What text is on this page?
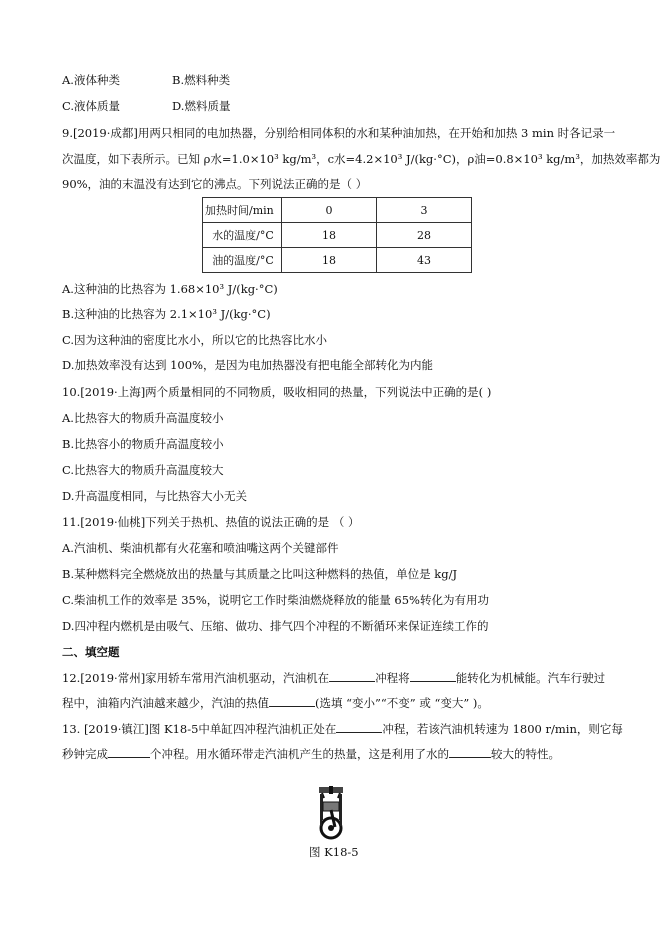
A.液体种类	B.燃料种类
C.液体质量	D.燃料质量
9.[2019·成都]用两只相同的电加热器，分别给相同体积的水和某种油加热，在开始和加热 3 min 时各记录一
次温度，如下表所示。已知 ρ水=1.0×10³ kg/m³，c水=4.2×10³ J/(kg·°C)，ρ油=0.8×10³ kg/m³，加热效率都为
90%，油的末温没有达到它的沸点。下列说法正确的是（ ）
加热时间/min	0	3
水的温度/°C	18	28
油的温度/°C	18	43
A.这种油的比热容为 1.68×10³ J/(kg·°C)
B.这种油的比热容为 2.1×10³ J/(kg·°C)
C.因为这种油的密度比水小，所以它的比热容比水小
D.加热效率没有达到 100%，是因为电加热器没有把电能全部转化为内能
10.[2019·上海]两个质量相同的不同物质，吸收相同的热量，下列说法中正确的是( )
A.比热容大的物质升高温度较小
B.比热容小的物质升高温度较小
C.比热容大的物质升高温度较大
D.升高温度相同，与比热容大小无关
11.[2019·仙桃]下列关于热机、热值的说法正确的是 （ ）
A.汽油机、柴油机都有火花塞和喷油嘴这两个关键部件
B.某种燃料完全燃烧放出的热量与其质量之比叫这种燃料的热值，单位是 kg/J
C.柴油机工作的效率是 35%，说明它工作时柴油燃烧释放的能量 65%转化为有用功
D.四冲程内燃机是由吸气、压缩、做功、排气四个冲程的不断循环来保证连续工作的
二、填空题
12.[2019·常州]家用轿车常用汽油机驱动，汽油机在	冲程将	能转化为机械能。汽车行驶过
程中，油箱内汽油越来越少，汽油的热值	(选填 “变小”“不变” 或 “变大” )。
13. [2019·镇江]图 K18-5中单缸四冲程汽油机正处在	冲程，若该汽油机转速为 1800 r/min，则它每
秒钟完成	个冲程。用水循环带走汽油机产生的热量，这是利用了水的	较大的特性。
图 K18-5
